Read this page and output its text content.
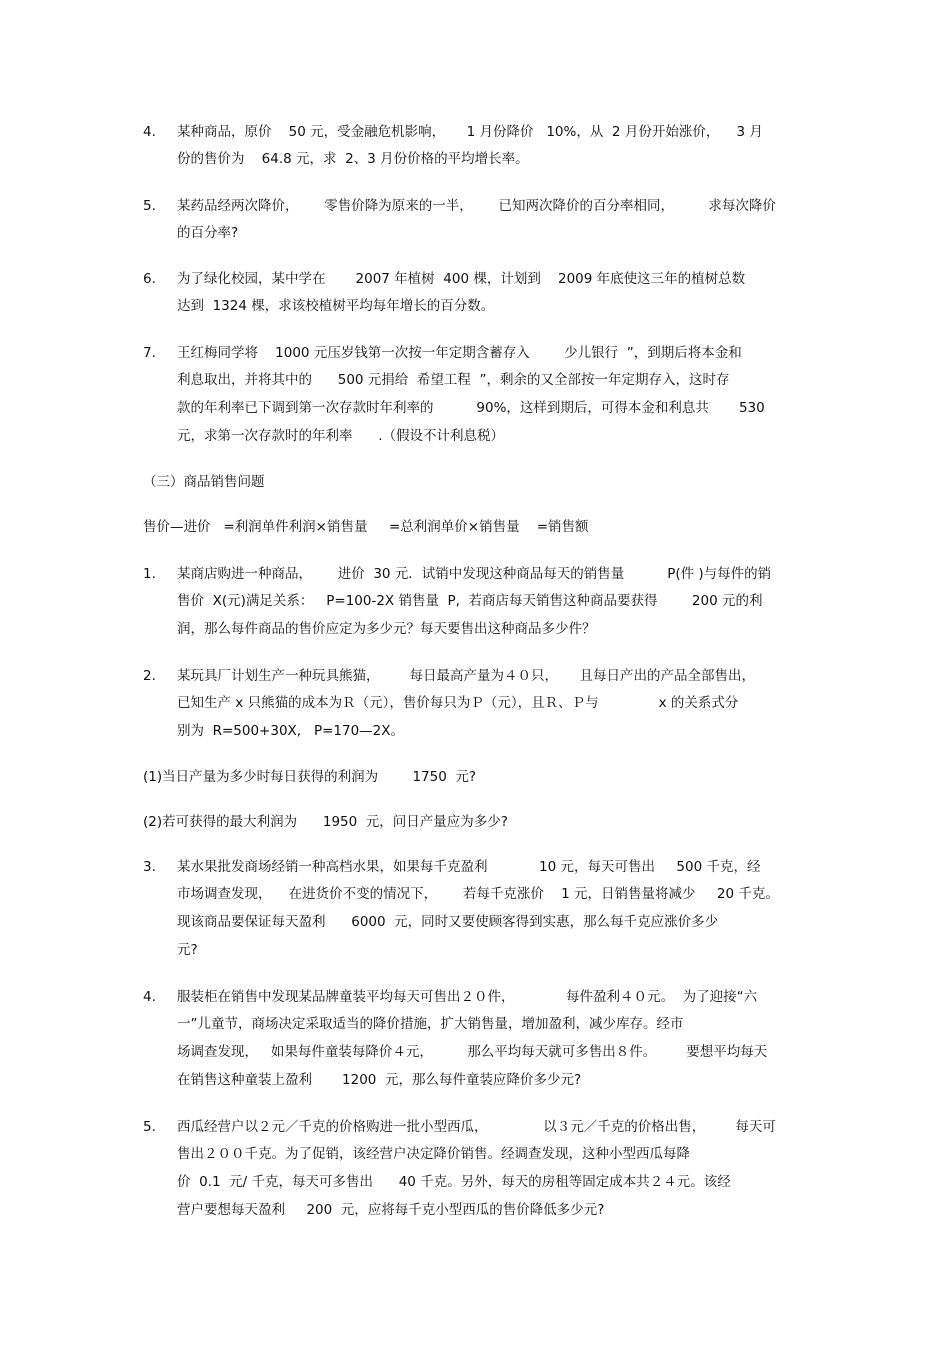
4. 某种商品，原价    50 元，受金融危机影响，     1 月份降价   10%，从  2 月份开始涨价，    3 月
份的售价为    64.8 元，求  2、3 月份价格的平均增长率。
5. 某药品经两次降价，      零售价降为原来的一半，      已知两次降价的百分率相同，        求每次降价
的百分率?
6. 为了绿化校园，某中学在       2007 年植树  400 棵，计划到    2009 年底使这三年的植树总数
达到  1324 棵，求该校植树平均每年增长的百分数。
7. 王红梅同学将    1000 元压岁钱第一次按一年定期含蓄存入        少儿银行  ”，到期后将本金和
利息取出，并将其中的      500 元捐给  希望工程  ”，剩余的又全部按一年定期存入，这时存
款的年利率已下调到第一次存款时年利率的          90%，这样到期后，可得本金和利息共       530
元，求第一次存款时的年利率      .（假设不计利息税）
（三）商品销售问题
售价—进价   =利润单件利润×销售量     =总利润单价×销售量    =销售额
1. 某商店购进一种商品，      进价  30 元．试销中发现这种商品每天的销售量          P(件 )与每件的销
售价  X(元)满足关系：   P=100-2X 销售量  P,  若商店每天销售这种商品要获得        200 元的利
润，那么每件商品的售价应定为多少元？每天要售出这种商品多少件？
2. 某玩具厂计划生产一种玩具熊猫，       每日最高产量为４０只，     且每日产出的产品全部售出，
已知生产 x 只熊猫的成本为Ｒ（元），售价每只为Ｐ（元），且Ｒ、Ｐ与              x 的关系式分
别为  R=500+30X,   P=170—2X。
(1)当日产量为多少时每日获得的利润为        1750  元?
(2)若可获得的最大利润为      1950  元，问日产量应为多少?
3. 某水果批发商场经销一种高档水果，如果每千克盈利            10 元，每天可售出     500 千克，经
市场调查发现，    在进货价不变的情况下，      若每千克涨价    1 元，日销售量将减少     20 千克。
现该商品要保证每天盈利      6000  元，同时又要使顾客得到实惠，那么每千克应涨价多少
元?
4. 服装柜在销售中发现某品牌童装平均每天可售出２０件，            每件盈利４０元。  为了迎接“六
一”儿童节，商场决定采取适当的降价措施，扩大销售量，增加盈利，减少库存。经市
场调查发现，   如果每件童装每降价４元，        那么平均每天就可多售出８件。       要想平均每天
在销售这种童装上盈利       1200  元，那么每件童装应降价多少元?
5. 西瓜经营户以２元／千克的价格购进一批小型西瓜，             以３元／千克的价格出售，       每天可
售出２００千克。为了促销，该经营户决定降价销售。经调查发现，这种小型西瓜每降
价  0.1  元/ 千克，每天可多售出      40 千克。另外，每天的房租等固定成本共２４元。该经
营户要想每天盈利     200  元，应将每千克小型西瓜的售价降低多少元?
